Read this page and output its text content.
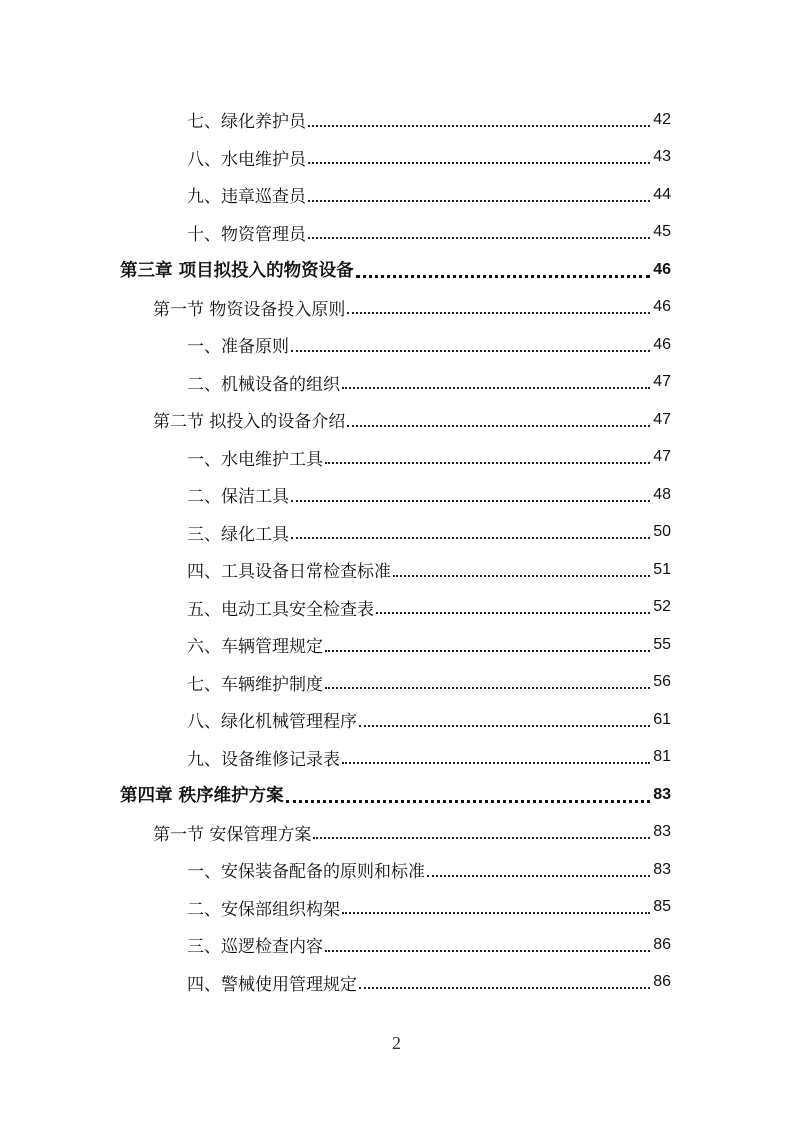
七、绿化养护员	42
八、水电维护员	43
九、违章巡查员	44
十、物资管理员	45
第三章 项目拟投入的物资设备	46
第一节 物资设备投入原则	46
一、准备原则	46
二、机械设备的组织	47
第二节 拟投入的设备介绍	47
一、水电维护工具	47
二、保洁工具	48
三、绿化工具	50
四、工具设备日常检查标准	51
五、电动工具安全检查表	52
六、车辆管理规定	55
七、车辆维护制度	56
八、绿化机械管理程序	61
九、设备维修记录表	81
第四章 秩序维护方案	83
第一节 安保管理方案	83
一、安保装备配备的原则和标准	83
二、安保部组织构架	85
三、巡逻检查内容	86
四、警械使用管理规定	86
2
